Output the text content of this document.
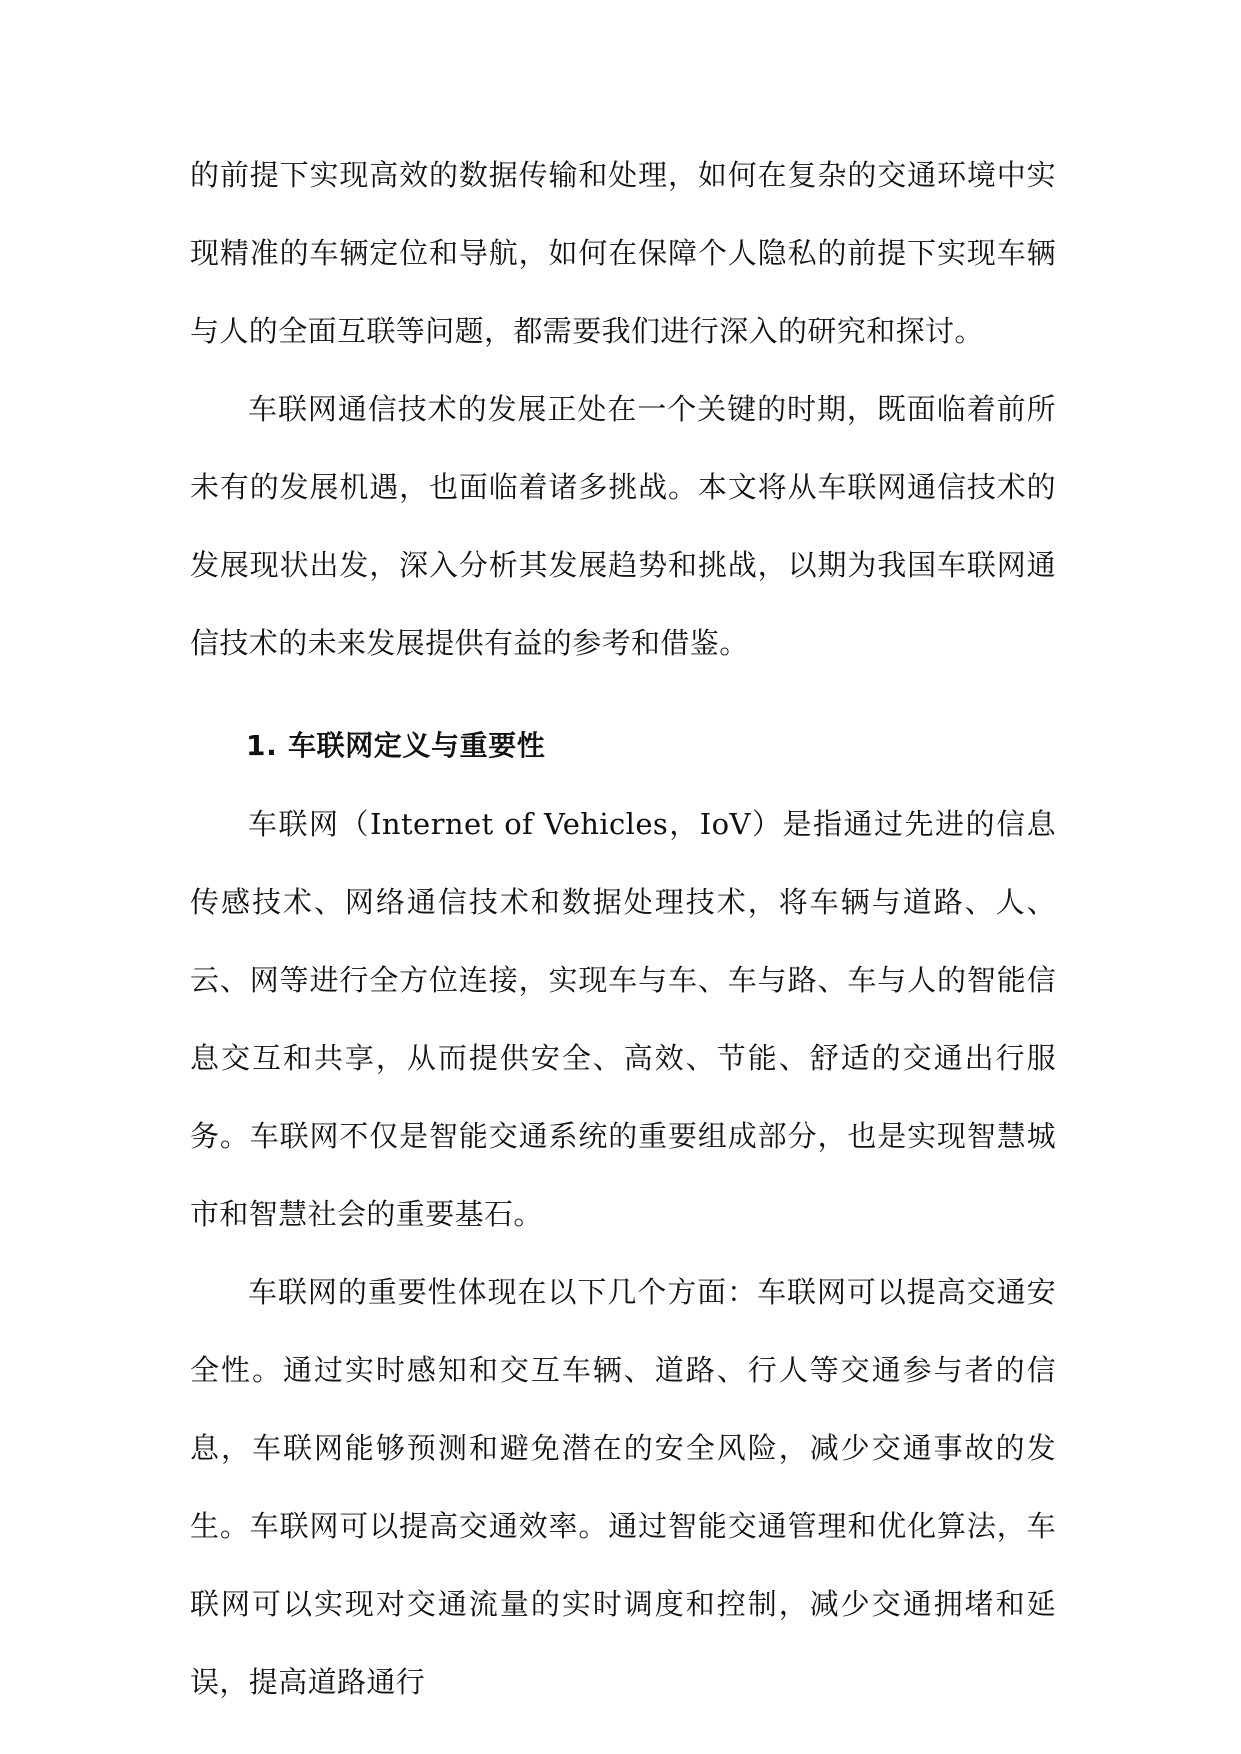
的前提下实现高效的数据传输和处理，如何在复杂的交通环境中实现精准的车辆定位和导航，如何在保障个人隐私的前提下实现车辆与人的全面互联等问题，都需要我们进行深入的研究和探讨。

车联网通信技术的发展正处在一个关键的时期，既面临着前所未有的发展机遇，也面临着诸多挑战。本文将从车联网通信技术的发展现状出发，深入分析其发展趋势和挑战，以期为我国车联网通信技术的未来发展提供有益的参考和借鉴。

1. 车联网定义与重要性

车联网（Internet of Vehicles，IoV）是指通过先进的信息传感技术、网络通信技术和数据处理技术，将车辆与道路、人、云、网等进行全方位连接，实现车与车、车与路、车与人的智能信息交互和共享，从而提供安全、高效、节能、舒适的交通出行服务。车联网不仅是智能交通系统的重要组成部分，也是实现智慧城市和智慧社会的重要基石。

车联网的重要性体现在以下几个方面：车联网可以提高交通安全性。通过实时感知和交互车辆、道路、行人等交通参与者的信息，车联网能够预测和避免潜在的安全风险，减少交通事故的发生。车联网可以提高交通效率。通过智能交通管理和优化算法，车联网可以实现对交通流量的实时调度和控制，减少交通拥堵和延误，提高道路通行
